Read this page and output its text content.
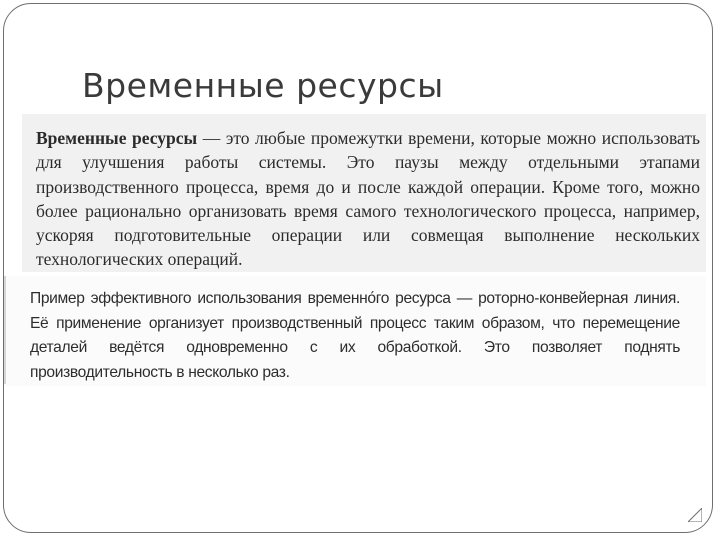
Временные ресурсы

Временные ресурсы — это любые промежутки времени, которые можно использовать для улучшения работы системы. Это паузы между отдельными этапами производственного процесса, время до и после каждой операции. Кроме того, можно более рационально организовать время самого технологического процесса, например, ускоряя подготовительные операции или совмещая выполнение нескольких технологических операций.

Пример эффективного использования временно́го ресурса — роторно-конвейерная линия. Её применение организует производственный процесс таким образом, что перемещение деталей ведётся одновременно с их обработкой. Это позволяет поднять производительность в несколько раз.
